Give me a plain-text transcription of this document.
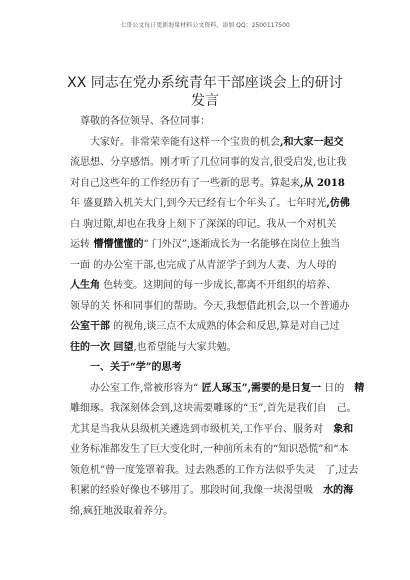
七哥公文每日更新海量材料公文资料，添加 QQ：2500117500
XX 同志在党办系统青年干部座谈会上的研讨
发言
尊敬的各位领导、各位同事：
大家好。非常荣幸能有这样一个宝贵的机会,和大家一起交
流思想、分享感悟。刚才听了几位同事的发言,很受启发,也让我
对自己这些年的工作经历有了一些新的思考。算起来,从 2018
年 盛夏踏入机关大门,到今天已经有七个年头了。七年时光,仿佛
白 驹过隙,却也在我身上刻下了深深的印记。我从一个对机关
运转 懵懵懂懂的“ 门外汉”,逐渐成长为一名能够在岗位上独当
一面 的办公室干部,也完成了从青涩学子到为人妻、为人母的
人生角 色转变。这期间的每一步成长,都离不开组织的培养、
领导的关 怀和同事们的帮助。今天,我想借此机会,以一个普通办
公室干部 的视角,谈三点不太成熟的体会和反思,算是对自己过
往的一次 回望,也希望能与大家共勉。
一、关于“学”的思考
办公室工作,常被形容为“ 匠人琢玉”,需要的是日复一 日的　精
雕细琢。我深刻体会到,这块需要雕琢的“玉”,首先是我们自　己。
尤其是当我从县级机关遴选到市级机关,工作平台、服务对　象和
业务标准都发生了巨大变化时,一种前所未有的“知识恐慌”和“本
领危机”曾一度笼罩着我。过去熟悉的工作方法似乎失灵　了,过去
积累的经验好像也不够用了。那段时间,我像一块渴望吸　水的海
绵,疯狂地汲取着养分。
